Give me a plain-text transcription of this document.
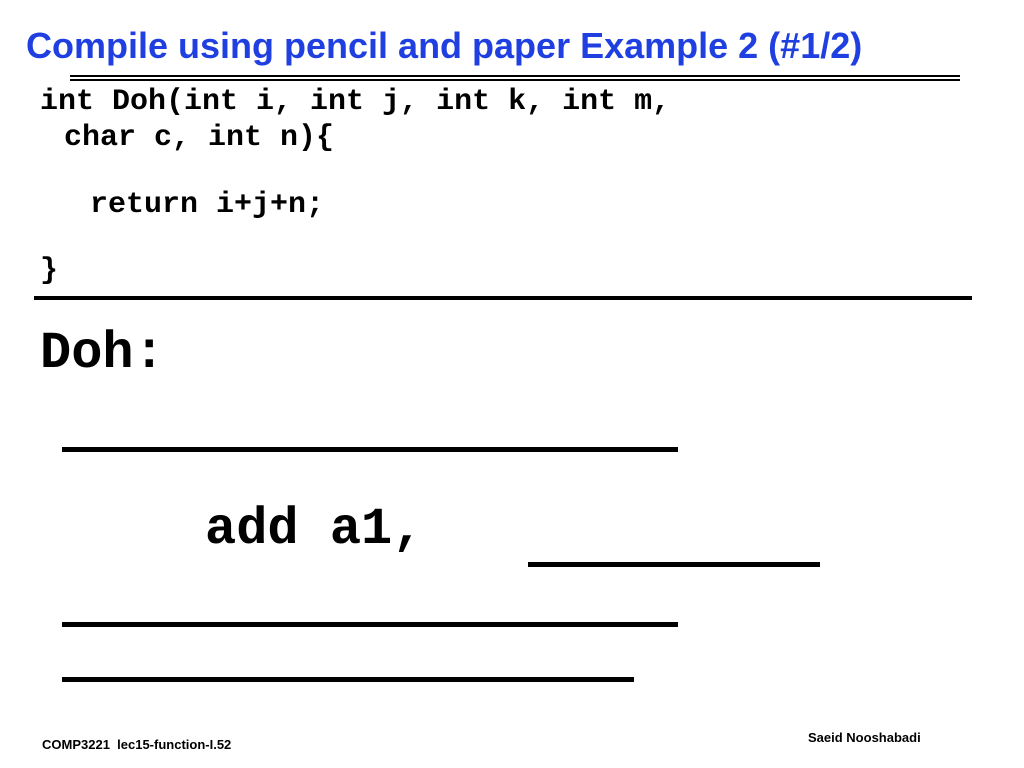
Compile using pencil and paper Example 2 (#1/2)
int Doh(int i, int j, int k, int m,
char c, int n){
return i+j+n;
}
Doh:
add a1,
COMP3221  lec15-function-I.52	Saeid Nooshabadi
